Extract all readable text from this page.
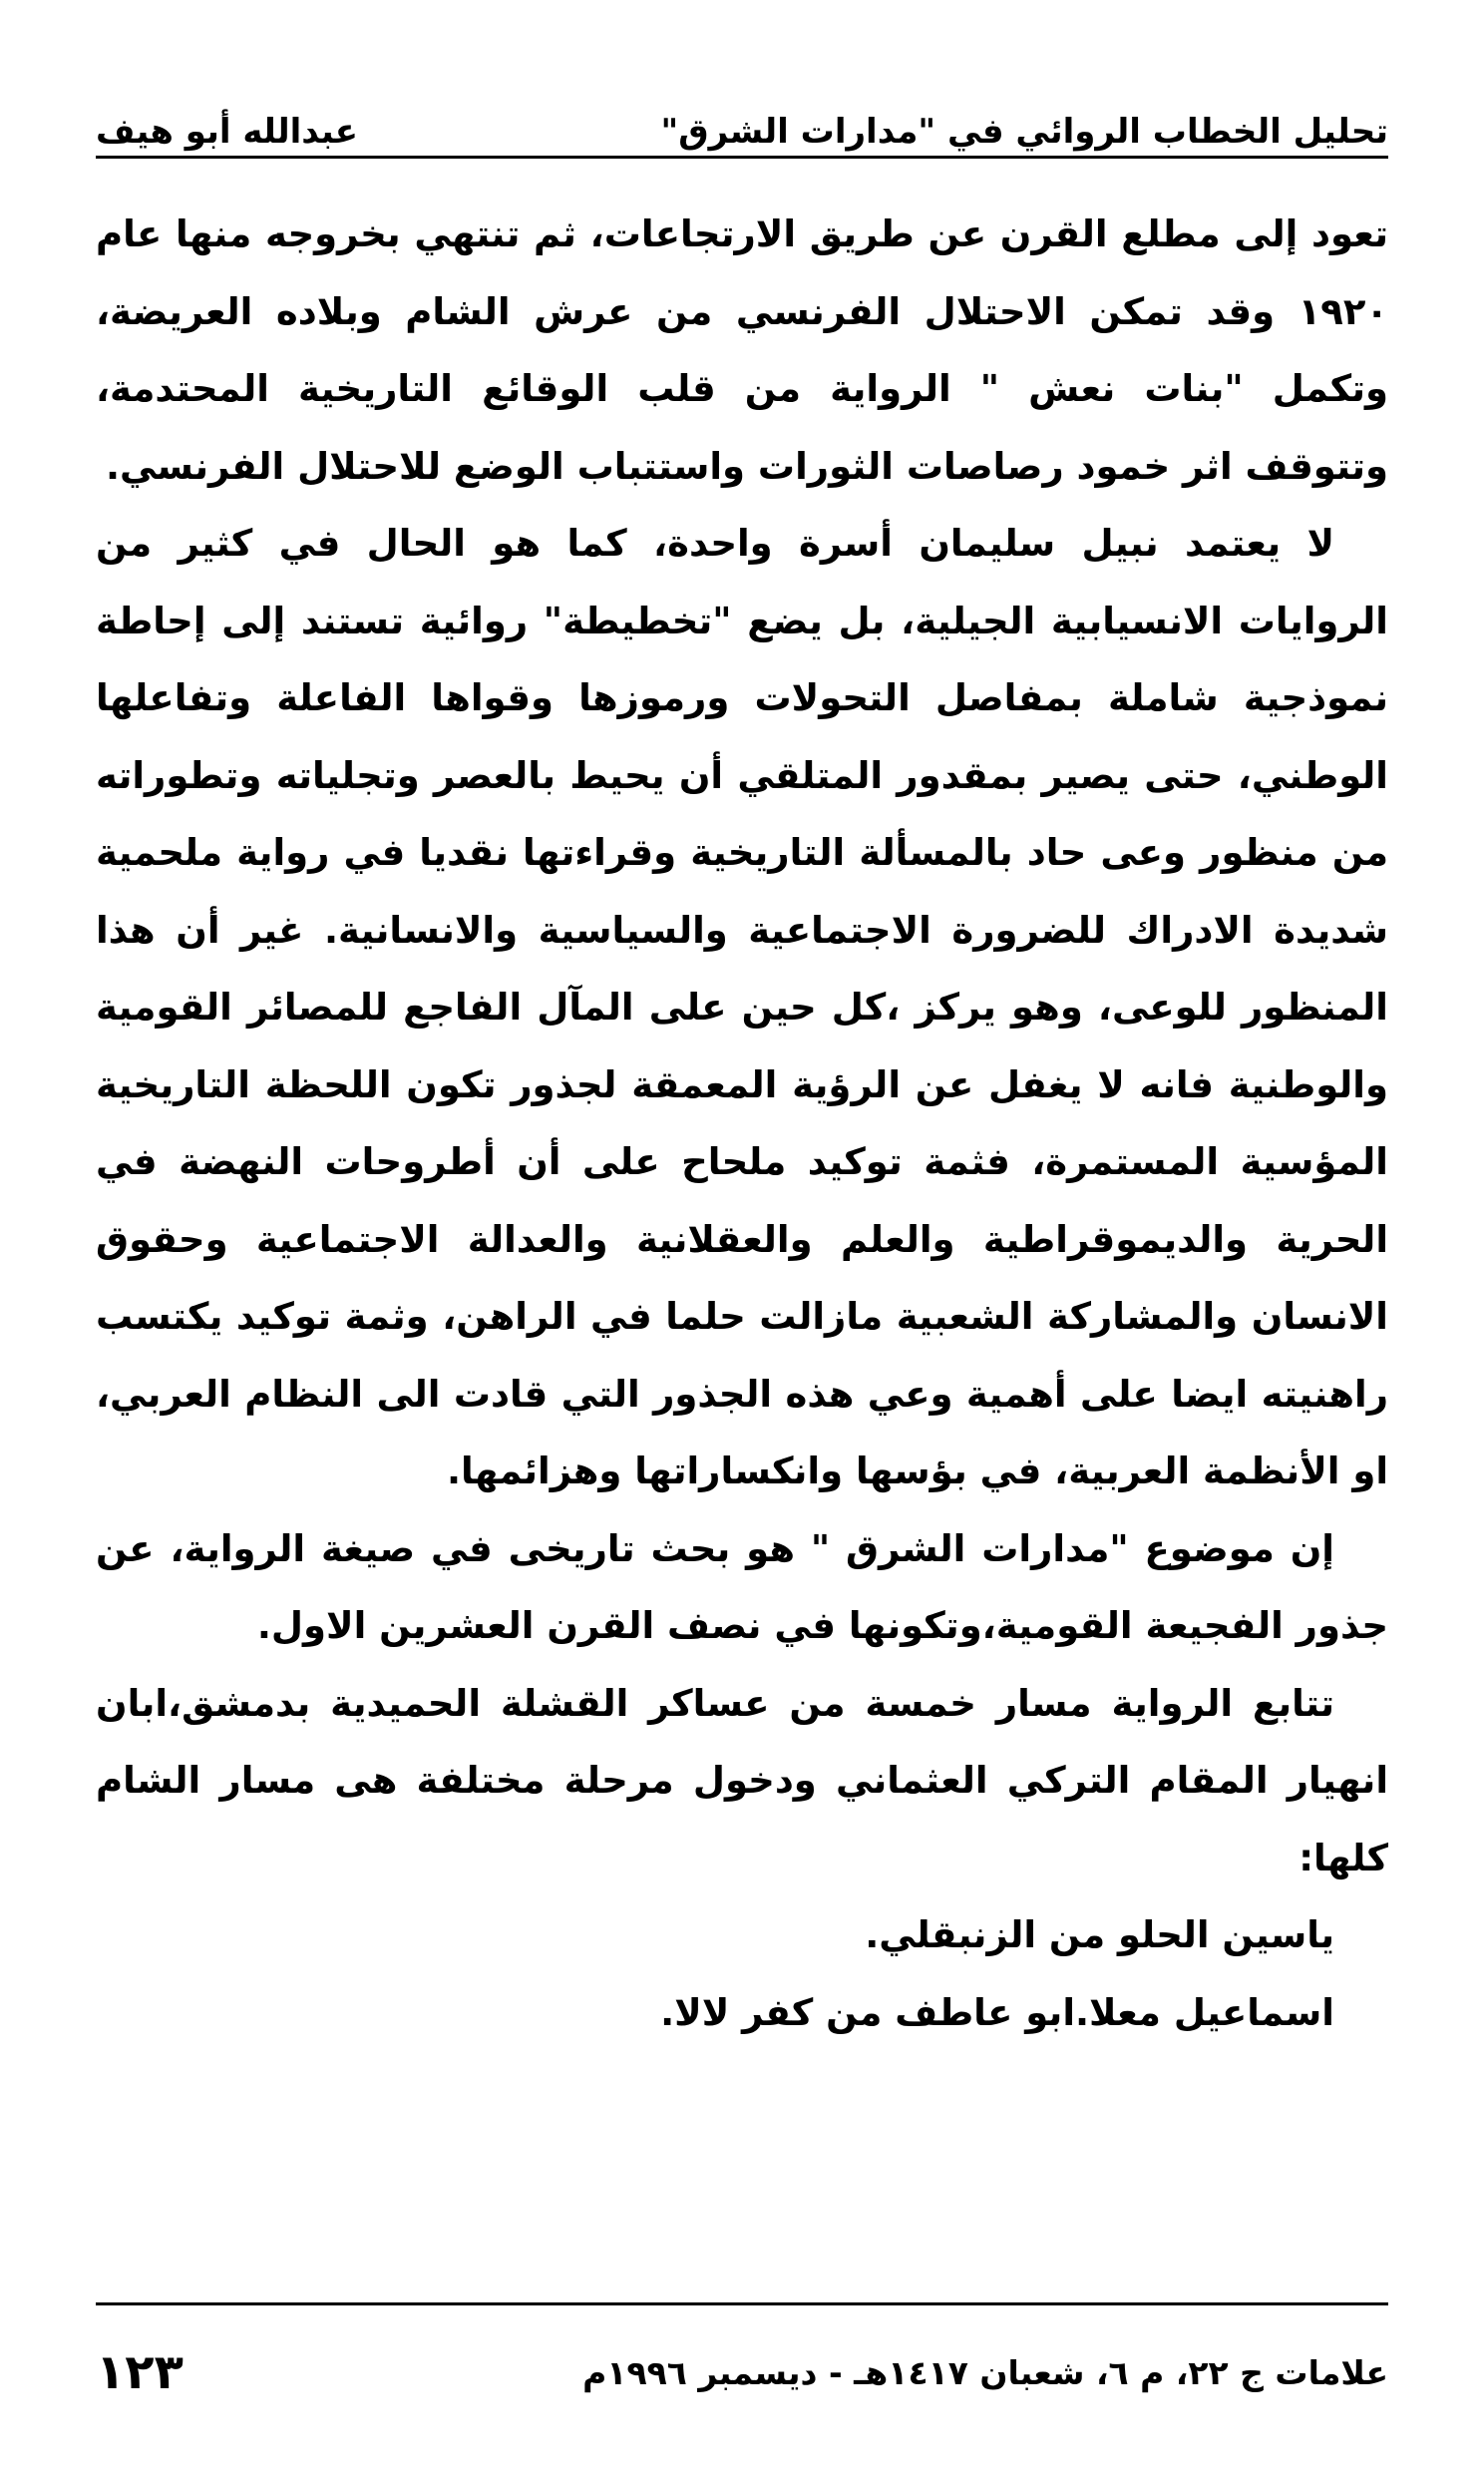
تحليل الخطاب الروائي في "مدارات الشرق"
عبدالله أبو هيف

تعود إلى مطلع القرن عن طريق الارتجاعات، ثم تنتهي بخروجه منها عام ١٩٢٠ وقد تمكن الاحتلال الفرنسي من عرش الشام وبلاده العريضة، وتكمل "بنات نعش " الرواية من قلب الوقائع التاريخية المحتدمة، وتتوقف اثر خمود رصاصات الثورات واستتباب الوضع للاحتلال الفرنسي.

لا يعتمد نبيل سليمان أسرة واحدة، كما هو الحال في كثير من الروايات الانسيابية الجيلية، بل يضع "تخطيطة" روائية تستند إلى إحاطة نموذجية شاملة بمفاصل التحولات ورموزها وقواها الفاعلة وتفاعلها الوطني، حتى يصير بمقدور المتلقي أن يحيط بالعصر وتجلياته وتطوراته من منظور وعى حاد بالمسألة التاريخية وقراءتها نقديا في رواية ملحمية شديدة الادراك للضرورة الاجتماعية والسياسية والانسانية. غير أن هذا المنظور للوعى، وهو يركز ،كل حين على المآل الفاجع للمصائر القومية والوطنية فانه لا يغفل عن الرؤية المعمقة لجذور تكون اللحظة التاريخية المؤسية المستمرة، فثمة توكيد ملحاح على أن أطروحات النهضة في الحرية والديموقراطية والعلم والعقلانية والعدالة الاجتماعية وحقوق الانسان والمشاركة الشعبية مازالت حلما في الراهن، وثمة توكيد يكتسب راهنيته ايضا على أهمية وعي هذه الجذور التي قادت الى النظام العربي، او الأنظمة العربية، في بؤسها وانكساراتها وهزائمها.

إن موضوع "مدارات الشرق " هو بحث تاريخى في صيغة الرواية، عن جذور الفجيعة القومية،وتكونها في نصف القرن العشرين الاول.

تتابع الرواية مسار خمسة من عساكر القشلة الحميدية بدمشق،ابان انهيار المقام التركي العثماني ودخول مرحلة مختلفة هى مسار الشام كلها:

ياسين الحلو من الزنبقلي.

اسماعيل معلا.ابو عاطف من كفر لالا.

علامات ج ٢٢، م ٦، شعبان ١٤١٧هـ - ديسمبر ١٩٩٦م
١٢٣
